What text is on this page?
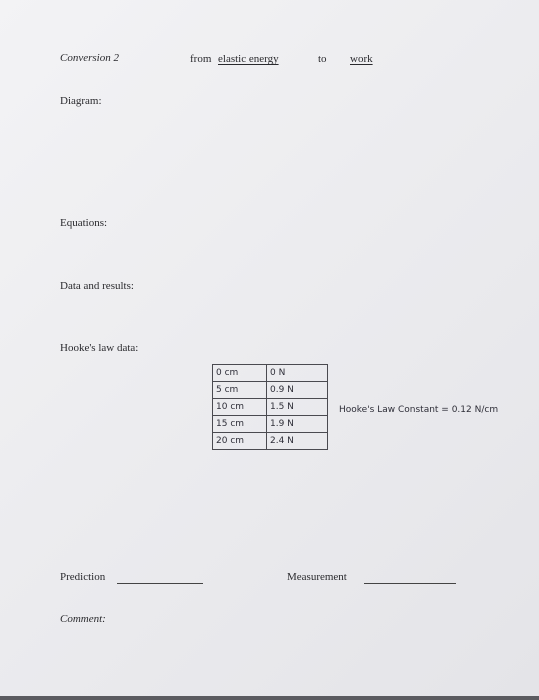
Conversion 2	from elastic energy	to work
Diagram:
Equations:
Data and results:
Hooke's law data:
0 cm	0 N
5 cm	0.9 N
10 cm	1.5 N
15 cm	1.9 N
20 cm	2.4 N
Hooke's Law Constant = 0.12 N/cm
Prediction	Measurement
Comment:
